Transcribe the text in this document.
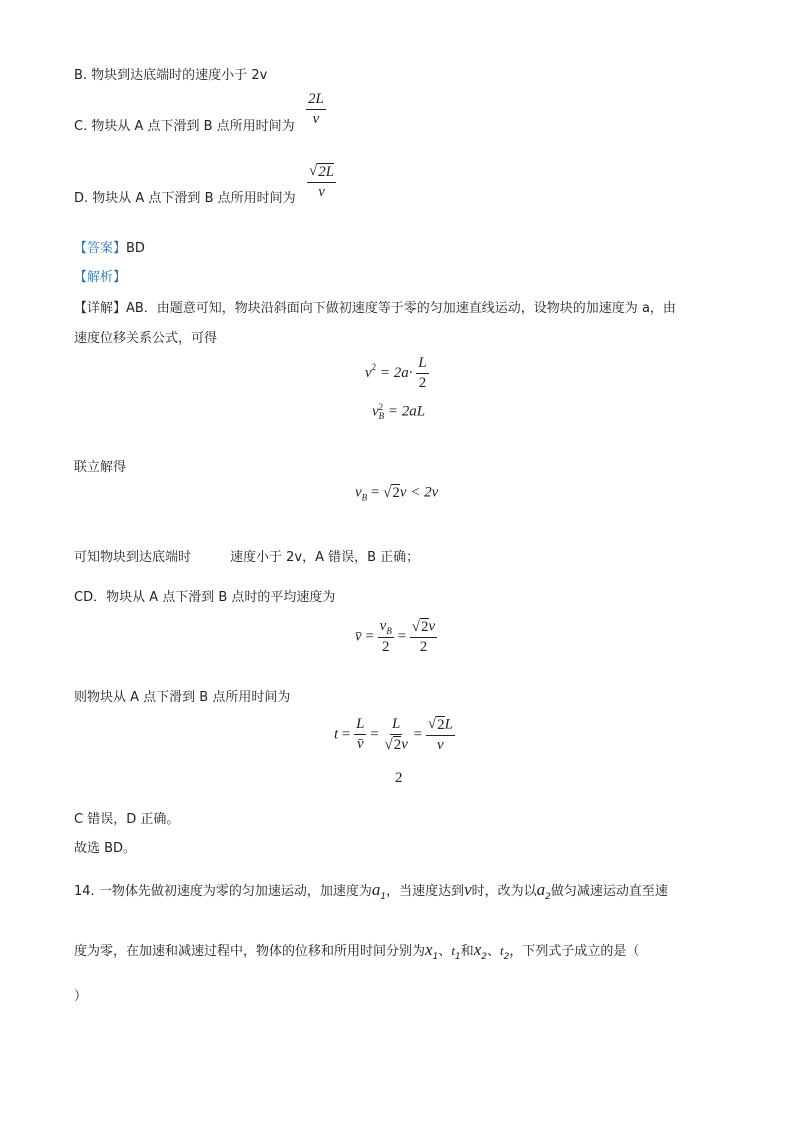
B. 物块到达底端时的速度小于 2v
C. 物块从 A 点下滑到 B 点所用时间为 $\frac{2L}{v}$
D. 物块从 A 点下滑到 B 点所用时间为 $\frac{√ 2L}{v}$
【答案】BD
【解析】
【详解】AB．由题意可知，物块沿斜面向下做初速度等于零的匀加速直线运动，设物块的加速度为 a，由
速度位移关系公式，可得
$v^2 = 2a\cdot \frac{L}{2}$
v 2
B = 2aL
联立解得
$v_B$ = √ 2 v < 2v
可知物块到达底端时　　　速度小于 2v，A 错误，B 正确；
CD．物块从 A 点下滑到 B 点时的平均速度为
v̄ = $\frac{v_B}{2} = \frac{√ 2 v}{2}$
则物块从 A 点下滑到 B 点所用时间为
$t = \frac{L}{v̄} = \frac{L}{√ 2 v} = \frac{√ 2 L}{v}$
2
C 错误，D 正确。
故选 BD。
14. 一物体先做初速度为零的匀加速运动，加速度为$a_1$，当速度达到v时，改为以$a_2$做匀减速运动直至速
度为零，在加速和减速过程中，物体的位移和所用时间分别为$x_1$、$t_1$和$x_2$、$t_2$，下列式子成立的是（
）
